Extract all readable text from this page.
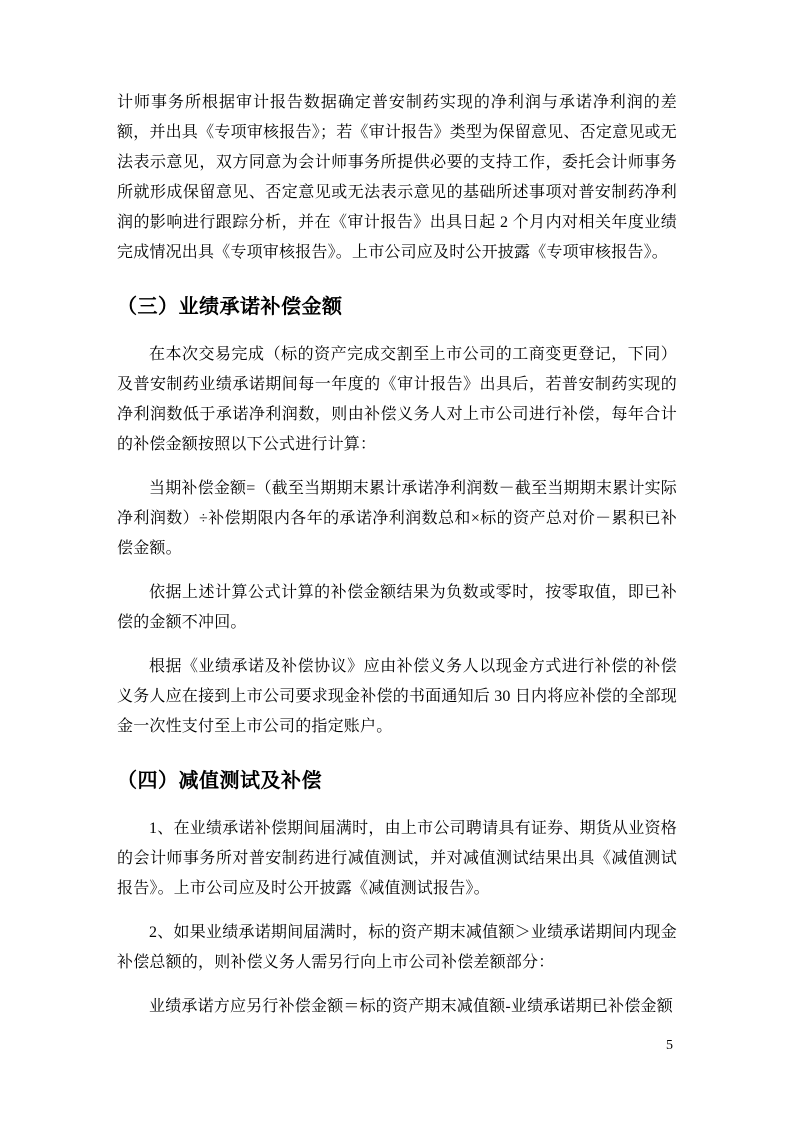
计师事务所根据审计报告数据确定普安制药实现的净利润与承诺净利润的差额，并出具《专项审核报告》；若《审计报告》类型为保留意见、否定意见或无法表示意见，双方同意为会计师事务所提供必要的支持工作，委托会计师事务所就形成保留意见、否定意见或无法表示意见的基础所述事项对普安制药净利润的影响进行跟踪分析，并在《审计报告》出具日起 2 个月内对相关年度业绩完成情况出具《专项审核报告》。上市公司应及时公开披露《专项审核报告》。

（三）业绩承诺补偿金额

在本次交易完成（标的资产完成交割至上市公司的工商变更登记，下同）及普安制药业绩承诺期间每一年度的《审计报告》出具后，若普安制药实现的净利润数低于承诺净利润数，则由补偿义务人对上市公司进行补偿，每年合计的补偿金额按照以下公式进行计算：

当期补偿金额=（截至当期期末累计承诺净利润数－截至当期期末累计实际净利润数）÷补偿期限内各年的承诺净利润数总和×标的资产总对价－累积已补偿金额。

依据上述计算公式计算的补偿金额结果为负数或零时，按零取值，即已补偿的金额不冲回。

根据《业绩承诺及补偿协议》应由补偿义务人以现金方式进行补偿的补偿义务人应在接到上市公司要求现金补偿的书面通知后 30 日内将应补偿的全部现金一次性支付至上市公司的指定账户。

（四）减值测试及补偿

1、在业绩承诺补偿期间届满时，由上市公司聘请具有证券、期货从业资格的会计师事务所对普安制药进行减值测试，并对减值测试结果出具《减值测试报告》。上市公司应及时公开披露《减值测试报告》。

2、如果业绩承诺期间届满时，标的资产期末减值额＞业绩承诺期间内现金补偿总额的，则补偿义务人需另行向上市公司补偿差额部分：

业绩承诺方应另行补偿金额＝标的资产期末减值额-业绩承诺期已补偿金额

5
